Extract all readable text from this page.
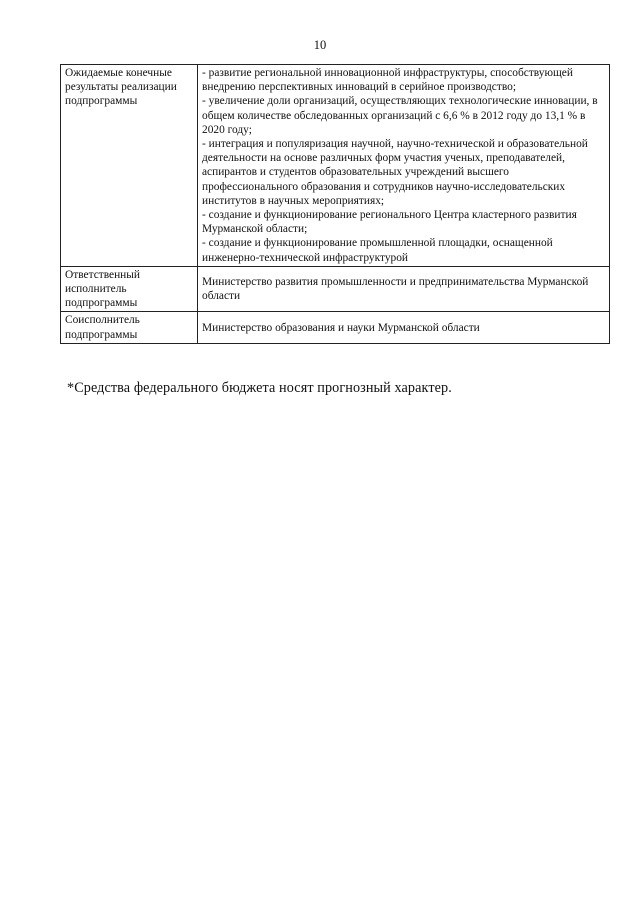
10
Ожидаемые конечные результаты реализации подпрограммы	- развитие региональной инновационной инфраструктуры, способствующей внедрению перспективных инноваций в серийное производство;
- увеличение доли организаций, осуществляющих технологические инновации, в общем количестве обследованных организаций с 6,6 % в 2012 году до 13,1 % в 2020 году;
- интеграция и популяризация научной, научно-технической и образовательной деятельности на основе различных форм участия ученых, преподавателей, аспирантов и студентов образовательных учреждений высшего профессионального образования и сотрудников научно-исследовательских институтов в научных мероприятиях;
- создание и функционирование регионального Центра кластерного развития Мурманской области;
- создание и функционирование промышленной площадки, оснащенной инженерно-технической инфраструктурой

Ответственный исполнитель подпрограммы	Министерство развития промышленности и предпринимательства Мурманской области
Соисполнитель подпрограммы	Министерство образования и науки Мурманской области
*Средства федерального бюджета носят прогнозный характер.
